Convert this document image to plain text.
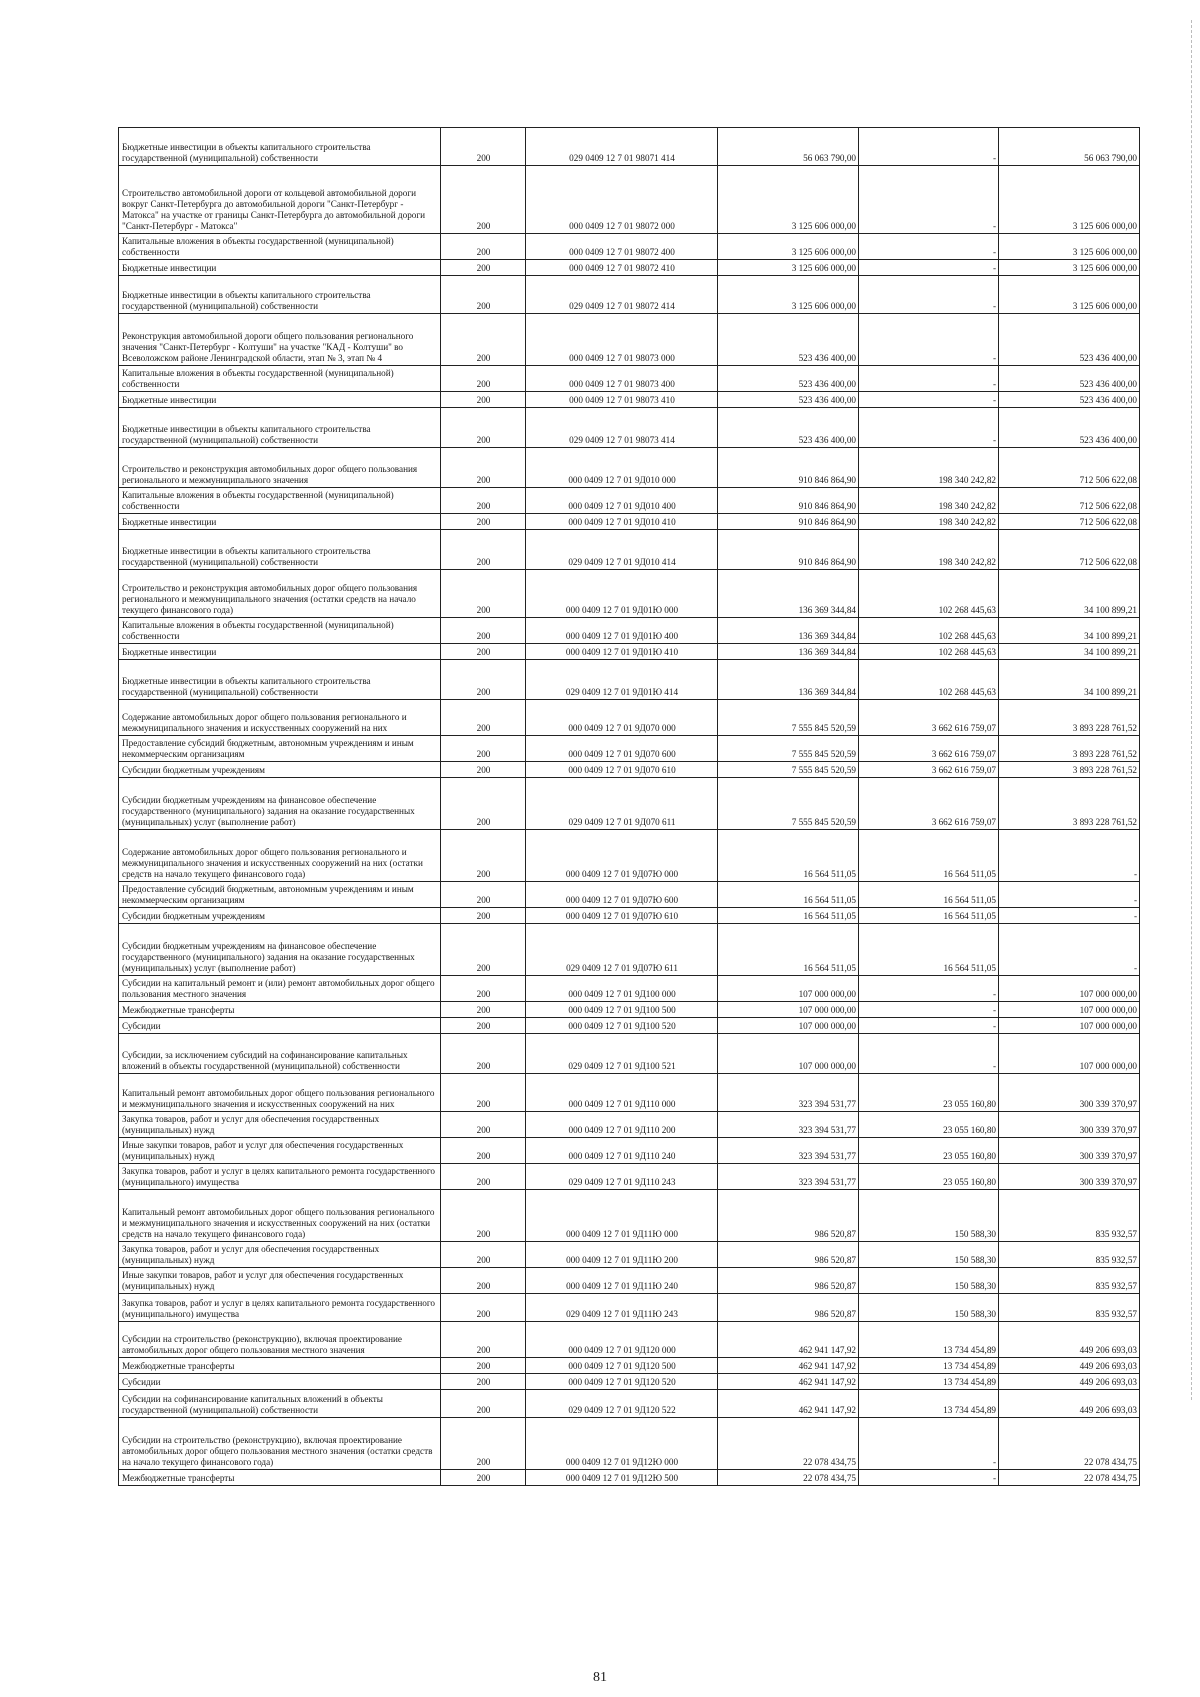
Бюджетные инвестиции в объекты капитального строительства государственной (муниципальной) собственности	200	029 0409 12 7 01 98071 414	56 063 790,00	-	56 063 790,00
Строительство автомобильной дороги от кольцевой автомобильной дороги вокруг Санкт-Петербурга до автомобильной дороги "Санкт-Петербург - Матокса" на участке от границы Санкт-Петербурга до автомобильной дороги "Санкт-Петербург - Матокса"	200	000 0409 12 7 01 98072 000	3 125 606 000,00	-	3 125 606 000,00
Капитальные вложения в объекты государственной (муниципальной) собственности	200	000 0409 12 7 01 98072 400	3 125 606 000,00	-	3 125 606 000,00
Бюджетные инвестиции	200	000 0409 12 7 01 98072 410	3 125 606 000,00	-	3 125 606 000,00
Бюджетные инвестиции в объекты капитального строительства государственной (муниципальной) собственности	200	029 0409 12 7 01 98072 414	3 125 606 000,00	-	3 125 606 000,00
Реконструкция автомобильной дороги общего пользования регионального значения "Санкт-Петербург - Колтуши" на участке "КАД - Колтуши" во Всеволожском районе Ленинградской области, этап № 3, этап № 4	200	000 0409 12 7 01 98073 000	523 436 400,00	-	523 436 400,00
Капитальные вложения в объекты государственной (муниципальной) собственности	200	000 0409 12 7 01 98073 400	523 436 400,00	-	523 436 400,00
Бюджетные инвестиции	200	000 0409 12 7 01 98073 410	523 436 400,00	-	523 436 400,00
Бюджетные инвестиции в объекты капитального строительства государственной (муниципальной) собственности	200	029 0409 12 7 01 98073 414	523 436 400,00	-	523 436 400,00
Строительство и реконструкция автомобильных дорог общего пользования регионального и межмуниципального значения	200	000 0409 12 7 01 9Д010 000	910 846 864,90	198 340 242,82	712 506 622,08
Капитальные вложения в объекты государственной (муниципальной) собственности	200	000 0409 12 7 01 9Д010 400	910 846 864,90	198 340 242,82	712 506 622,08
Бюджетные инвестиции	200	000 0409 12 7 01 9Д010 410	910 846 864,90	198 340 242,82	712 506 622,08
Бюджетные инвестиции в объекты капитального строительства государственной (муниципальной) собственности	200	029 0409 12 7 01 9Д010 414	910 846 864,90	198 340 242,82	712 506 622,08
Строительство и реконструкция автомобильных дорог общего пользования регионального и межмуниципального значения (остатки средств на начало текущего финансового года)	200	000 0409 12 7 01 9Д01Ю 000	136 369 344,84	102 268 445,63	34 100 899,21
Капитальные вложения в объекты государственной (муниципальной) собственности	200	000 0409 12 7 01 9Д01Ю 400	136 369 344,84	102 268 445,63	34 100 899,21
Бюджетные инвестиции	200	000 0409 12 7 01 9Д01Ю 410	136 369 344,84	102 268 445,63	34 100 899,21
Бюджетные инвестиции в объекты капитального строительства государственной (муниципальной) собственности	200	029 0409 12 7 01 9Д01Ю 414	136 369 344,84	102 268 445,63	34 100 899,21
Содержание автомобильных дорог общего пользования регионального и межмуниципального значения и искусственных сооружений на них	200	000 0409 12 7 01 9Д070 000	7 555 845 520,59	3 662 616 759,07	3 893 228 761,52
Предоставление субсидий бюджетным, автономным учреждениям и иным некоммерческим организациям	200	000 0409 12 7 01 9Д070 600	7 555 845 520,59	3 662 616 759,07	3 893 228 761,52
Субсидии бюджетным учреждениям	200	000 0409 12 7 01 9Д070 610	7 555 845 520,59	3 662 616 759,07	3 893 228 761,52
Субсидии бюджетным учреждениям на финансовое обеспечение государственного (муниципального) задания на оказание государственных (муниципальных) услуг (выполнение работ)	200	029 0409 12 7 01 9Д070 611	7 555 845 520,59	3 662 616 759,07	3 893 228 761,52
Содержание автомобильных дорог общего пользования регионального и межмуниципального значения и искусственных сооружений на них (остатки средств на начало текущего финансового года)	200	000 0409 12 7 01 9Д07Ю 000	16 564 511,05	16 564 511,05	-
Предоставление субсидий бюджетным, автономным учреждениям и иным некоммерческим организациям	200	000 0409 12 7 01 9Д07Ю 600	16 564 511,05	16 564 511,05	-
Субсидии бюджетным учреждениям	200	000 0409 12 7 01 9Д07Ю 610	16 564 511,05	16 564 511,05	-
Субсидии бюджетным учреждениям на финансовое обеспечение государственного (муниципального) задания на оказание государственных (муниципальных) услуг (выполнение работ)	200	029 0409 12 7 01 9Д07Ю 611	16 564 511,05	16 564 511,05	-
Субсидии на капитальный ремонт и (или) ремонт автомобильных дорог общего пользования местного значения	200	000 0409 12 7 01 9Д100 000	107 000 000,00	-	107 000 000,00
Межбюджетные трансферты	200	000 0409 12 7 01 9Д100 500	107 000 000,00	-	107 000 000,00
Субсидии	200	000 0409 12 7 01 9Д100 520	107 000 000,00	-	107 000 000,00
Субсидии, за исключением субсидий на софинансирование капитальных вложений в объекты государственной (муниципальной) собственности	200	029 0409 12 7 01 9Д100 521	107 000 000,00	-	107 000 000,00
Капитальный ремонт автомобильных дорог общего пользования регионального и межмуниципального значения и искусственных сооружений на них	200	000 0409 12 7 01 9Д110 000	323 394 531,77	23 055 160,80	300 339 370,97
Закупка товаров, работ и услуг для обеспечения государственных (муниципальных) нужд	200	000 0409 12 7 01 9Д110 200	323 394 531,77	23 055 160,80	300 339 370,97
Иные закупки товаров, работ и услуг для обеспечения государственных (муниципальных) нужд	200	000 0409 12 7 01 9Д110 240	323 394 531,77	23 055 160,80	300 339 370,97
Закупка товаров, работ и услуг в целях капитального ремонта государственного (муниципального) имущества	200	029 0409 12 7 01 9Д110 243	323 394 531,77	23 055 160,80	300 339 370,97
Капитальный ремонт автомобильных дорог общего пользования регионального и межмуниципального значения и искусственных сооружений на них (остатки средств на начало текущего финансового года)	200	000 0409 12 7 01 9Д11Ю 000	986 520,87	150 588,30	835 932,57
Закупка товаров, работ и услуг для обеспечения государственных (муниципальных) нужд	200	000 0409 12 7 01 9Д11Ю 200	986 520,87	150 588,30	835 932,57
Иные закупки товаров, работ и услуг для обеспечения государственных (муниципальных) нужд	200	000 0409 12 7 01 9Д11Ю 240	986 520,87	150 588,30	835 932,57
Закупка товаров, работ и услуг в целях капитального ремонта государственного (муниципального) имущества	200	029 0409 12 7 01 9Д11Ю 243	986 520,87	150 588,30	835 932,57
Субсидии на строительство (реконструкцию), включая проектирование автомобильных дорог общего пользования местного значения	200	000 0409 12 7 01 9Д120 000	462 941 147,92	13 734 454,89	449 206 693,03
Межбюджетные трансферты	200	000 0409 12 7 01 9Д120 500	462 941 147,92	13 734 454,89	449 206 693,03
Субсидии	200	000 0409 12 7 01 9Д120 520	462 941 147,92	13 734 454,89	449 206 693,03
Субсидии на софинансирование капитальных вложений в объекты государственной (муниципальной) собственности	200	029 0409 12 7 01 9Д120 522	462 941 147,92	13 734 454,89	449 206 693,03
Субсидии на строительство (реконструкцию), включая проектирование автомобильных дорог общего пользования местного значения (остатки средств на начало текущего финансового года)	200	000 0409 12 7 01 9Д12Ю 000	22 078 434,75	-	22 078 434,75
Межбюджетные трансферты	200	000 0409 12 7 01 9Д12Ю 500	22 078 434,75	-	22 078 434,75
81
